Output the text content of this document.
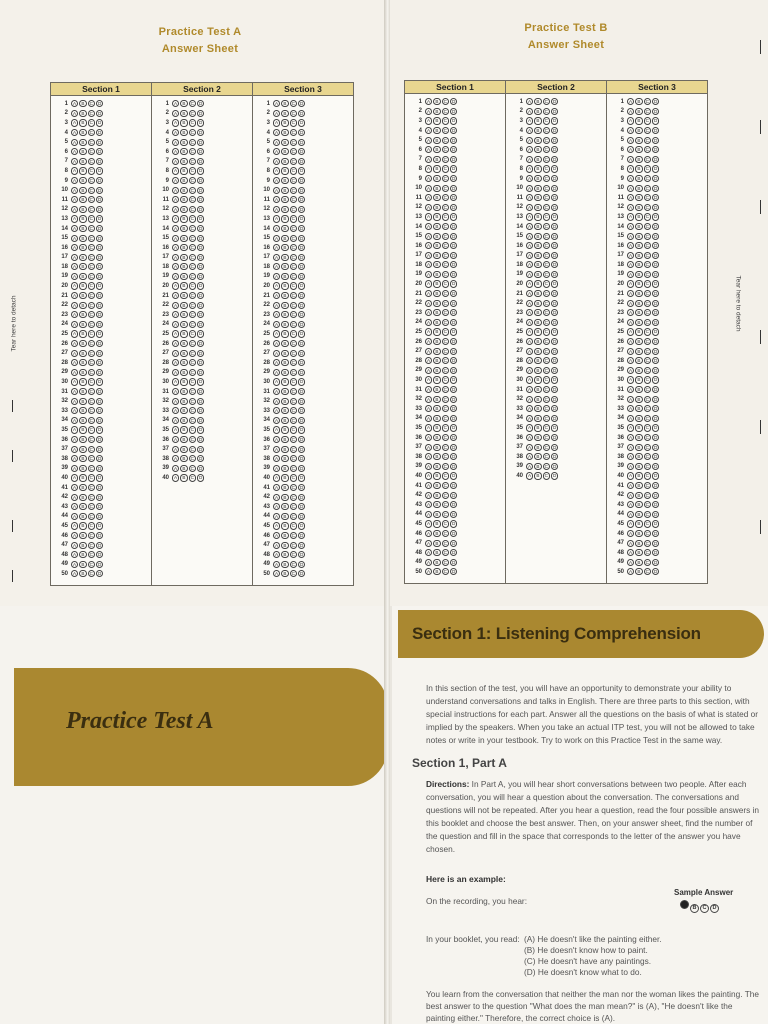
Practice Test A
Answer Sheet
Section 1	Section 2	Section 3
1	A	B	C	D
2	A	B	C	D
3	A	B	C	D
4	A	B	C	D
5	A	B	C	D
6	A	B	C	D
7	A	B	C	D
8	A	B	C	D
9	A	B	C	D
10	A	B	C	D
11	A	B	C	D
12	A	B	C	D
13	A	B	C	D
14	A	B	C	D
15	A	B	C	D
16	A	B	C	D
17	A	B	C	D
18	A	B	C	D
19	A	B	C	D
20	A	B	C	D
21	A	B	C	D
22	A	B	C	D
23	A	B	C	D
24	A	B	C	D
25	A	B	C	D
26	A	B	C	D
27	A	B	C	D
28	A	B	C	D
29	A	B	C	D
30	A	B	C	D
31	A	B	C	D
32	A	B	C	D
33	A	B	C	D
34	A	B	C	D
35	A	B	C	D
36	A	B	C	D
37	A	B	C	D
38	A	B	C	D
39	A	B	C	D
40	A	B	C	D
41	A	B	C	D
42	A	B	C	D
43	A	B	C	D
44	A	B	C	D
45	A	B	C	D
46	A	B	C	D
47	A	B	C	D
48	A	B	C	D
49	A	B	C	D
50	A	B	C	D
1	A	B	C	D
2	A	B	C	D
3	A	B	C	D
4	A	B	C	D
5	A	B	C	D
6	A	B	C	D
7	A	B	C	D
8	A	B	C	D
9	A	B	C	D
10	A	B	C	D
11	A	B	C	D
12	A	B	C	D
13	A	B	C	D
14	A	B	C	D
15	A	B	C	D
16	A	B	C	D
17	A	B	C	D
18	A	B	C	D
19	A	B	C	D
20	A	B	C	D
21	A	B	C	D
22	A	B	C	D
23	A	B	C	D
24	A	B	C	D
25	A	B	C	D
26	A	B	C	D
27	A	B	C	D
28	A	B	C	D
29	A	B	C	D
30	A	B	C	D
31	A	B	C	D
32	A	B	C	D
33	A	B	C	D
34	A	B	C	D
35	A	B	C	D
36	A	B	C	D
37	A	B	C	D
38	A	B	C	D
39	A	B	C	D
40	A	B	C	D
1	A	B	C	D
2	A	B	C	D
3	A	B	C	D
4	A	B	C	D
5	A	B	C	D
6	A	B	C	D
7	A	B	C	D
8	A	B	C	D
9	A	B	C	D
10	A	B	C	D
11	A	B	C	D
12	A	B	C	D
13	A	B	C	D
14	A	B	C	D
15	A	B	C	D
16	A	B	C	D
17	A	B	C	D
18	A	B	C	D
19	A	B	C	D
20	A	B	C	D
21	A	B	C	D
22	A	B	C	D
23	A	B	C	D
24	A	B	C	D
25	A	B	C	D
26	A	B	C	D
27	A	B	C	D
28	A	B	C	D
29	A	B	C	D
30	A	B	C	D
31	A	B	C	D
32	A	B	C	D
33	A	B	C	D
34	A	B	C	D
35	A	B	C	D
36	A	B	C	D
37	A	B	C	D
38	A	B	C	D
39	A	B	C	D
40	A	B	C	D
41	A	B	C	D
42	A	B	C	D
43	A	B	C	D
44	A	B	C	D
45	A	B	C	D
46	A	B	C	D
47	A	B	C	D
48	A	B	C	D
49	A	B	C	D
50	A	B	C	D
Tear here to detach
Practice Test B
Answer Sheet
Section 1	Section 2	Section 3
1	A	B	C	D
2	A	B	C	D
3	A	B	C	D
4	A	B	C	D
5	A	B	C	D
6	A	B	C	D
7	A	B	C	D
8	A	B	C	D
9	A	B	C	D
10	A	B	C	D
11	A	B	C	D
12	A	B	C	D
13	A	B	C	D
14	A	B	C	D
15	A	B	C	D
16	A	B	C	D
17	A	B	C	D
18	A	B	C	D
19	A	B	C	D
20	A	B	C	D
21	A	B	C	D
22	A	B	C	D
23	A	B	C	D
24	A	B	C	D
25	A	B	C	D
26	A	B	C	D
27	A	B	C	D
28	A	B	C	D
29	A	B	C	D
30	A	B	C	D
31	A	B	C	D
32	A	B	C	D
33	A	B	C	D
34	A	B	C	D
35	A	B	C	D
36	A	B	C	D
37	A	B	C	D
38	A	B	C	D
39	A	B	C	D
40	A	B	C	D
41	A	B	C	D
42	A	B	C	D
43	A	B	C	D
44	A	B	C	D
45	A	B	C	D
46	A	B	C	D
47	A	B	C	D
48	A	B	C	D
49	A	B	C	D
50	A	B	C	D
1	A	B	C	D
2	A	B	C	D
3	A	B	C	D
4	A	B	C	D
5	A	B	C	D
6	A	B	C	D
7	A	B	C	D
8	A	B	C	D
9	A	B	C	D
10	A	B	C	D
11	A	B	C	D
12	A	B	C	D
13	A	B	C	D
14	A	B	C	D
15	A	B	C	D
16	A	B	C	D
17	A	B	C	D
18	A	B	C	D
19	A	B	C	D
20	A	B	C	D
21	A	B	C	D
22	A	B	C	D
23	A	B	C	D
24	A	B	C	D
25	A	B	C	D
26	A	B	C	D
27	A	B	C	D
28	A	B	C	D
29	A	B	C	D
30	A	B	C	D
31	A	B	C	D
32	A	B	C	D
33	A	B	C	D
34	A	B	C	D
35	A	B	C	D
36	A	B	C	D
37	A	B	C	D
38	A	B	C	D
39	A	B	C	D
40	A	B	C	D
1	A	B	C	D
2	A	B	C	D
3	A	B	C	D
4	A	B	C	D
5	A	B	C	D
6	A	B	C	D
7	A	B	C	D
8	A	B	C	D
9	A	B	C	D
10	A	B	C	D
11	A	B	C	D
12	A	B	C	D
13	A	B	C	D
14	A	B	C	D
15	A	B	C	D
16	A	B	C	D
17	A	B	C	D
18	A	B	C	D
19	A	B	C	D
20	A	B	C	D
21	A	B	C	D
22	A	B	C	D
23	A	B	C	D
24	A	B	C	D
25	A	B	C	D
26	A	B	C	D
27	A	B	C	D
28	A	B	C	D
29	A	B	C	D
30	A	B	C	D
31	A	B	C	D
32	A	B	C	D
33	A	B	C	D
34	A	B	C	D
35	A	B	C	D
36	A	B	C	D
37	A	B	C	D
38	A	B	C	D
39	A	B	C	D
40	A	B	C	D
41	A	B	C	D
42	A	B	C	D
43	A	B	C	D
44	A	B	C	D
45	A	B	C	D
46	A	B	C	D
47	A	B	C	D
48	A	B	C	D
49	A	B	C	D
50	A	B	C	D
Tear here to detach
Practice Test A
Section 1: Listening Comprehension
In this section of the test, you will have an opportunity to demonstrate your ability to understand conversations and talks in English. There are three parts to this section, with special instructions for each part. Answer all the questions on the basis of what is stated or implied by the speakers. When you take an actual ITP test, you will not be allowed to take notes or write in your testbook. Try to work on this Practice Test in the same way.
Section 1, Part A
Directions: In Part A, you will hear short conversations between two people. After each conversation, you will hear a question about the conversation. The conversations and questions will not be repeated. After you hear a question, read the four possible answers in this booklet and choose the best answer. Then, on your answer sheet, find the number of the question and fill in the space that corresponds to the letter of the answer you have chosen.
Here is an example:
On the recording, you hear:
Sample Answer
B C D
In your booklet, you read: (A) He doesn't like the painting either.
(B) He doesn't know how to paint.
(C) He doesn't have any paintings.
(D) He doesn't know what to do.
You learn from the conversation that neither the man nor the woman likes the painting. The best answer to the question "What does the man mean?" is (A), "He doesn't like the painting either." Therefore, the correct choice is (A).
